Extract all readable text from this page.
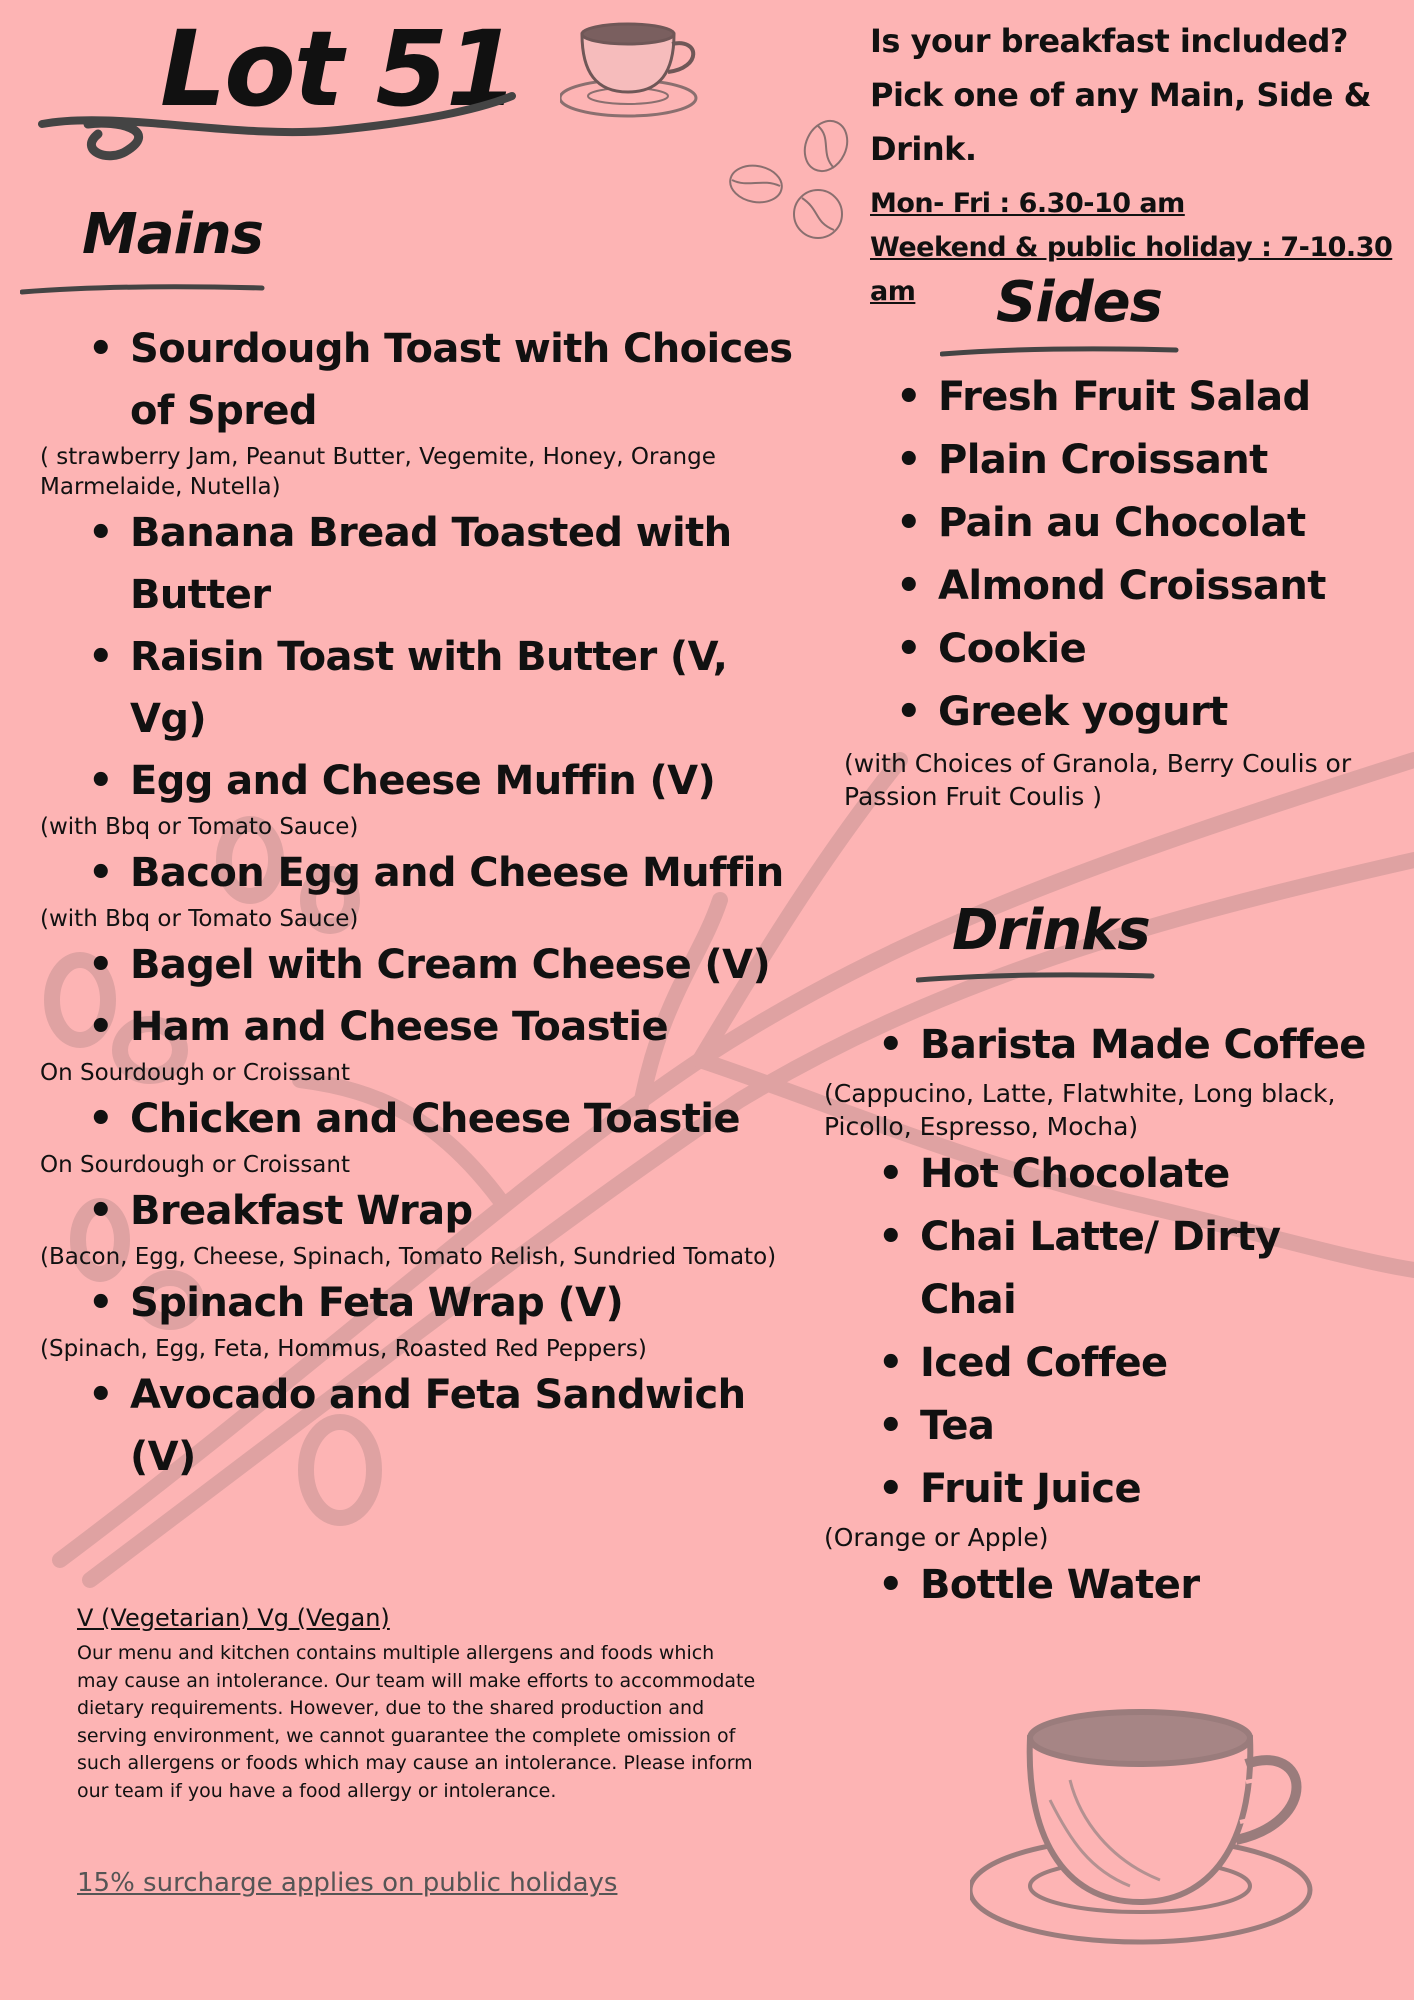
Lot 51	Is your breakfast included?
Pick one of any Main, Side & Drink.
Mon- Fri : 6.30-10 am
Weekend & public holiday : 7-10.30 am
Mains
• Sourdough Toast with Choices of Spred
( strawberry Jam, Peanut Butter, Vegemite, Honey, Orange Marmelaide, Nutella)
• Banana Bread Toasted with Butter
• Raisin Toast with Butter (V, Vg)
• Egg and Cheese Muffin (V)
(with Bbq or Tomato Sauce)
• Bacon Egg and Cheese Muffin
(with Bbq or Tomato Sauce)
• Bagel with Cream Cheese (V)
• Ham and Cheese Toastie
On Sourdough or Croissant
• Chicken and Cheese Toastie
On Sourdough or Croissant
• Breakfast Wrap
(Bacon, Egg, Cheese, Spinach, Tomato Relish, Sundried Tomato)
• Spinach Feta Wrap (V)
(Spinach, Egg, Feta, Hommus, Roasted Red Peppers)
• Avocado and Feta Sandwich (V)
Sides
• Fresh Fruit Salad
• Plain Croissant
• Pain au Chocolat
• Almond Croissant
• Cookie
• Greek yogurt
(with Choices of Granola, Berry Coulis or Passion Fruit Coulis )
Drinks
• Barista Made Coffee
(Cappucino, Latte, Flatwhite, Long black, Picollo, Espresso, Mocha)
• Hot Chocolate
• Chai Latte/ Dirty Chai
• Iced Coffee
• Tea
• Fruit Juice
(Orange or Apple)
• Bottle Water
V (Vegetarian) Vg (Vegan)
Our menu and kitchen contains multiple allergens and foods which may cause an intolerance. Our team will make efforts to accommodate dietary requirements. However, due to the shared production and serving environment, we cannot guarantee the complete omission of such allergens or foods which may cause an intolerance. Please inform our team if you have a food allergy or intolerance.
15% surcharge applies on public holidays
